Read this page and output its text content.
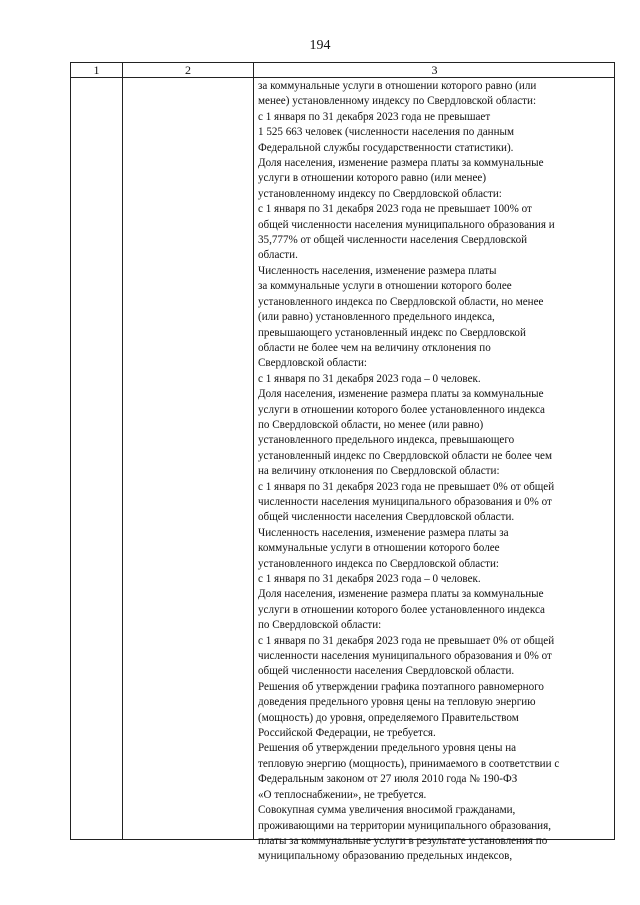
194
1	2	3
за коммунальные услуги в отношении которого равно (или
менее) установленному индексу по Свердловской области:
с 1 января по 31 декабря 2023 года не превышает
1 525 663 человек (численности населения по данным
Федеральной службы государственности статистики).
Доля населения, изменение размера платы за коммунальные
услуги в отношении которого равно (или менее)
установленному индексу по Свердловской области:
с 1 января по 31 декабря 2023 года не превышает 100% от
общей численности населения муниципального образования и
35,777% от общей численности населения Свердловской
области.
Численность населения, изменение размера платы
за коммунальные услуги в отношении которого более
установленного индекса по Свердловской области, но менее
(или равно) установленного предельного индекса,
превышающего установленный индекс по Свердловской
области не более чем на величину отклонения по
Свердловской области:
с 1 января по 31 декабря 2023 года – 0 человек.
Доля населения, изменение размера платы за коммунальные
услуги в отношении которого более установленного индекса
по Свердловской области, но менее (или равно)
установленного предельного индекса, превышающего
установленный индекс по Свердловской области не более чем
на величину отклонения по Свердловской области:
с 1 января по 31 декабря 2023 года не превышает 0% от общей
численности населения муниципального образования и 0% от
общей численности населения Свердловской области.
Численность населения, изменение размера платы за
коммунальные услуги в отношении которого более
установленного индекса по Свердловской области:
с 1 января по 31 декабря 2023 года – 0 человек.
Доля населения, изменение размера платы за коммунальные
услуги в отношении которого более установленного индекса
по Свердловской области:
с 1 января по 31 декабря 2023 года не превышает 0% от общей
численности населения муниципального образования и 0% от
общей численности населения Свердловской области.
Решения об утверждении графика поэтапного равномерного
доведения предельного уровня цены на тепловую энергию
(мощность) до уровня, определяемого Правительством
Российской Федерации, не требуется.
Решения об утверждении предельного уровня цены на
тепловую энергию (мощность), принимаемого в соответствии с
Федеральным законом от 27 июля 2010 года № 190-ФЗ
«О теплоснабжении», не требуется.
Совокупная сумма увеличения вносимой гражданами,
проживающими на территории муниципального образования,
платы за коммунальные услуги в результате установления по
муниципальному образованию предельных индексов,
